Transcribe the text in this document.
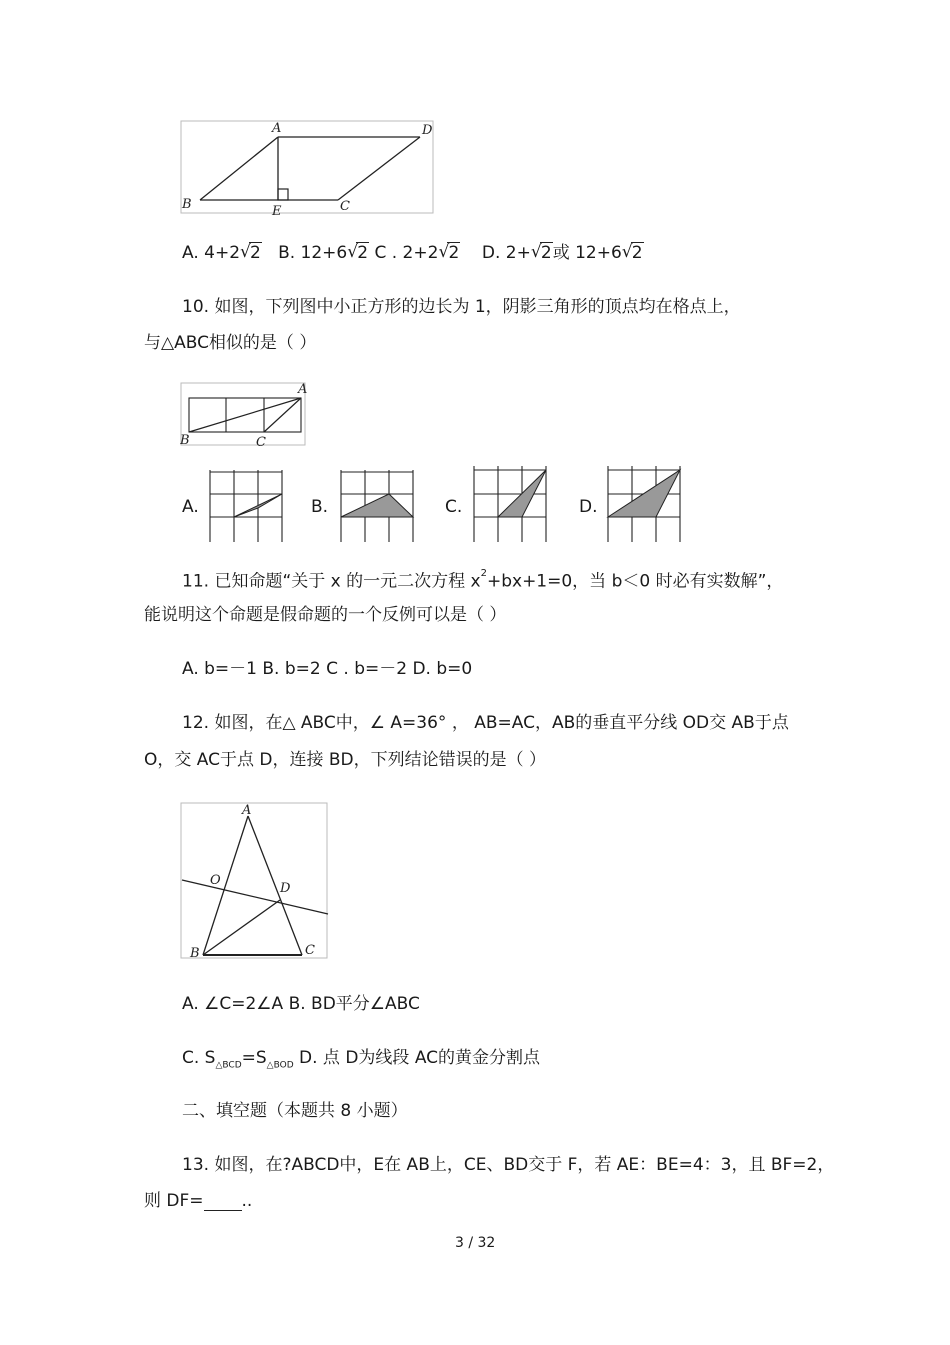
A	D
B	E	C
A. 4+2 √ 2 B. 12+6 √ 2 C . 2+2 √ 2 D. 2+ √ 2或 12+6 √ 2
10. 如图，下列图中小正方形的边长为 1，阴影三角形的顶点均在格点上，
与△ABC相似的是（ ）
A
B	C
A.	B.	C.	D.
11. 已知命题“关于 x 的一元二次方程 $x^2+bx+1=0$，当 b＜0 时必有实数解”，
能说明这个命题是假命题的一个反例可以是（ ）
A. b=－1 B. b=2 C . b=－2 D. b=0
12. 如图，在△ ABC中，∠ A=36° ， AB=AC，AB的垂直平分线 OD交 AB于点
O，交 AC于点 D，连接 BD，下列结论错误的是（ ）
A
O
D
B	C
A. ∠C=2∠A B. BD平分∠ABC
C. $S_{\triangle BCD}=S_{\triangle BOD}$ D. 点 D为线段 AC的黄金分割点
二、填空题（本题共 8 小题）
13. 如图，在?ABCD中，E在 AB上，CE、BD交于 F，若 AE：BE=4：3，且 BF=2，
则 DF= ..
3 / 32
